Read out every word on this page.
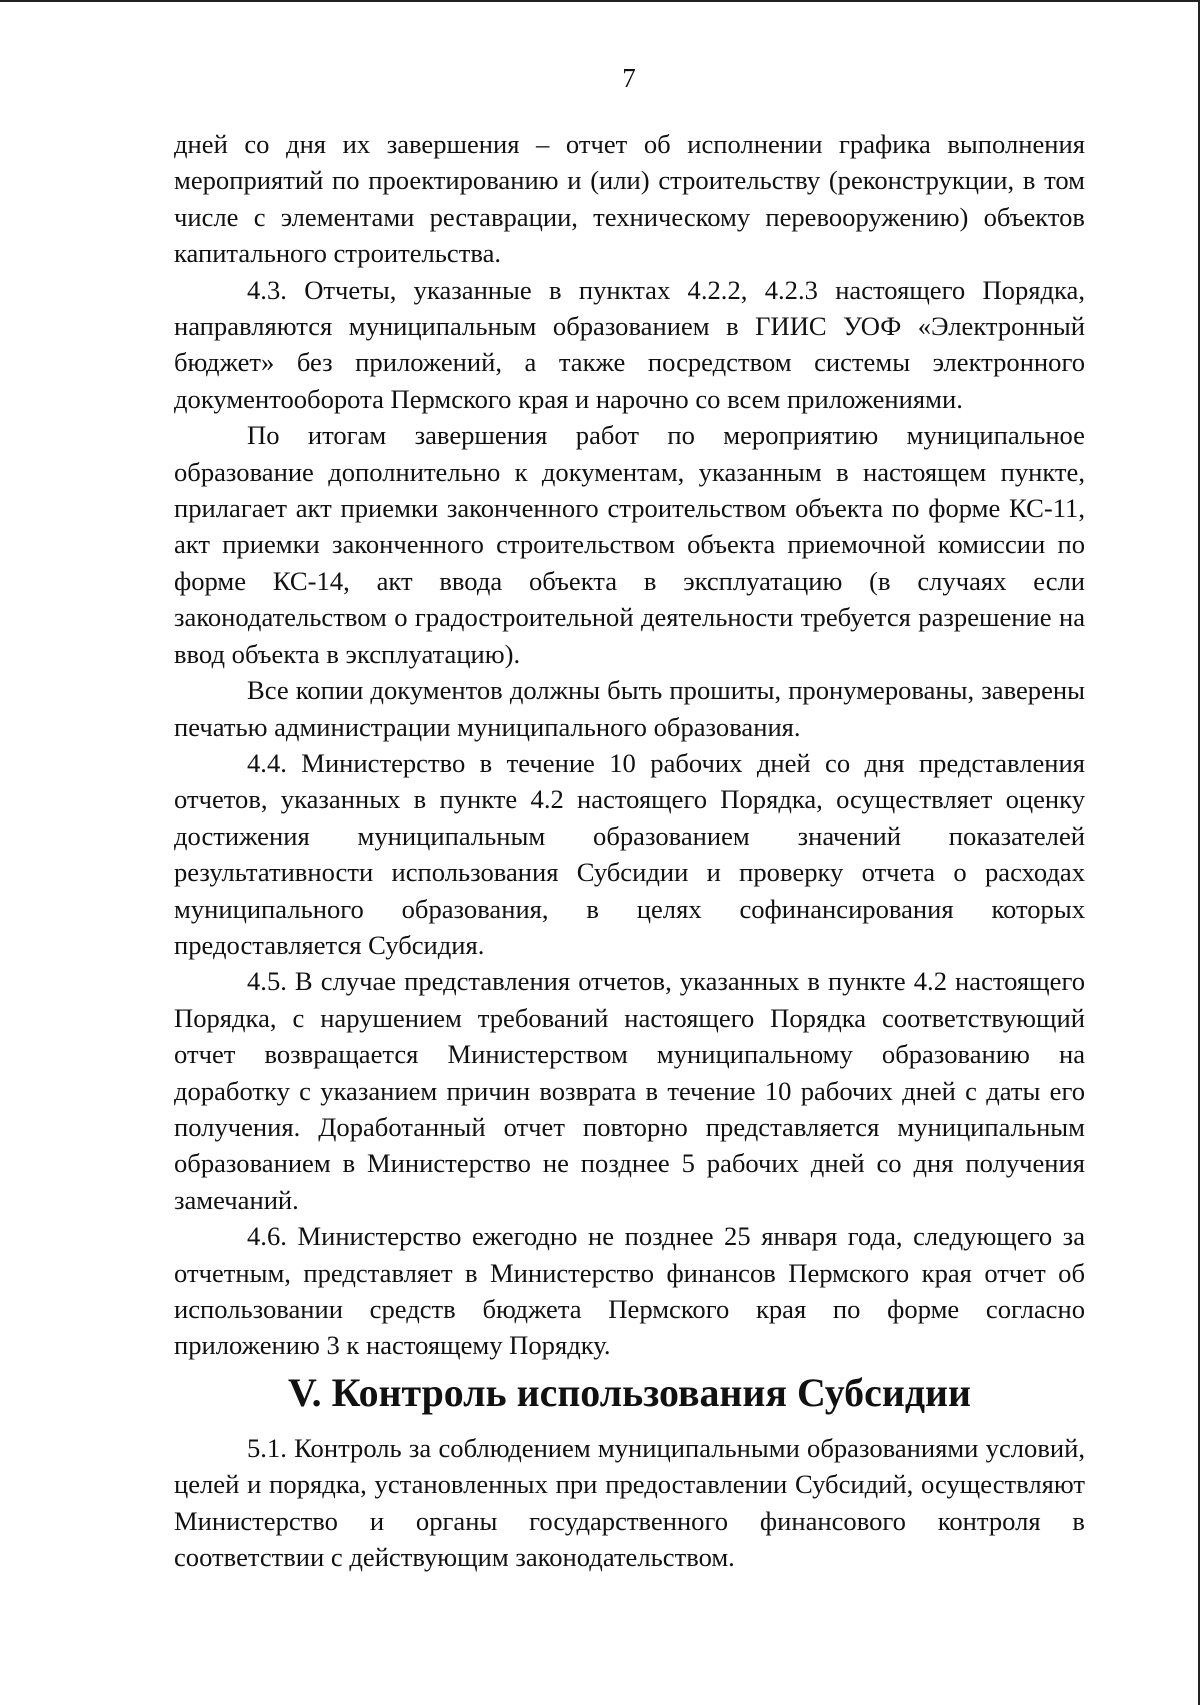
7

дней со дня их завершения – отчет об исполнении графика выполнения мероприятий по проектированию и (или) строительству (реконструкции, в том числе с элементами реставрации, техническому перевооружению) объектов капитального строительства.

4.3. Отчеты, указанные в пунктах 4.2.2, 4.2.3 настоящего Порядка, направляются муниципальным образованием в ГИИС УОФ «Электронный бюджет» без приложений, а также посредством системы электронного документооборота Пермского края и нарочно со всем приложениями.

По итогам завершения работ по мероприятию муниципальное образование дополнительно к документам, указанным в настоящем пункте, прилагает акт приемки законченного строительством объекта по форме КС-11, акт приемки законченного строительством объекта приемочной комиссии по форме КС-14, акт ввода объекта в эксплуатацию (в случаях если законодательством о градостроительной деятельности требуется разрешение на ввод объекта в эксплуатацию).

Все копии документов должны быть прошиты, пронумерованы, заверены печатью администрации муниципального образования.

4.4. Министерство в течение 10 рабочих дней со дня представления отчетов, указанных в пункте 4.2 настоящего Порядка, осуществляет оценку достижения муниципальным образованием значений показателей результативности использования Субсидии и проверку отчета о расходах муниципального образования, в целях софинансирования которых предоставляется Субсидия.

4.5. В случае представления отчетов, указанных в пункте 4.2 настоящего Порядка, с нарушением требований настоящего Порядка соответствующий отчет возвращается Министерством муниципальному образованию на доработку с указанием причин возврата в течение 10 рабочих дней с даты его получения. Доработанный отчет повторно представляется муниципальным образованием в Министерство не позднее 5 рабочих дней со дня получения замечаний.

4.6. Министерство ежегодно не позднее 25 января года, следующего за отчетным, представляет в Министерство финансов Пермского края отчет об использовании средств бюджета Пермского края по форме согласно приложению 3 к настоящему Порядку.

V. Контроль использования Субсидии

5.1. Контроль за соблюдением муниципальными образованиями условий, целей и порядка, установленных при предоставлении Субсидий, осуществляют Министерство и органы государственного финансового контроля в соответствии с действующим законодательством.
